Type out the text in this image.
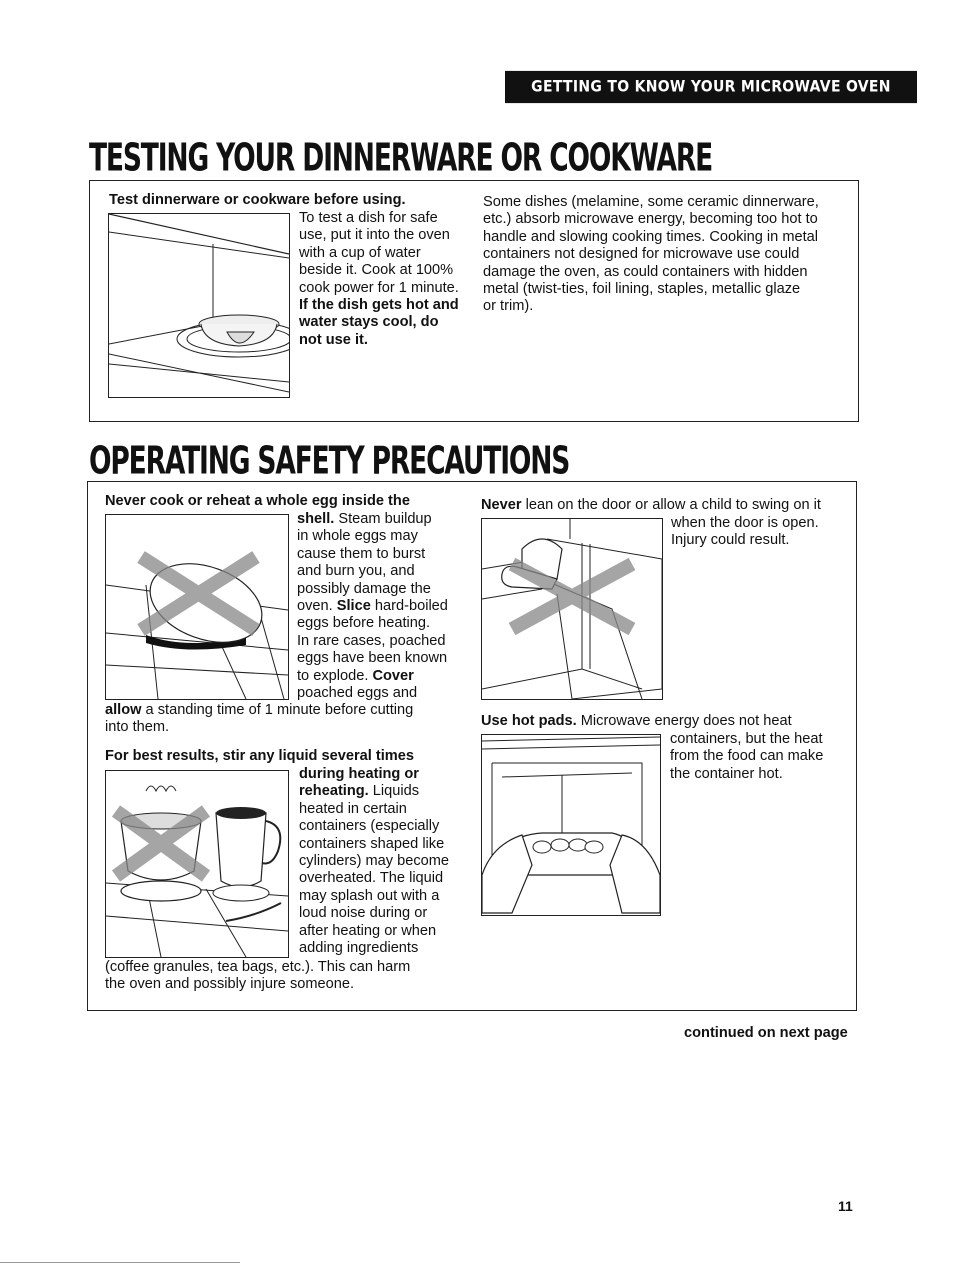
GETTING TO KNOW YOUR MICROWAVE OVEN
TESTING YOUR DINNERWARE OR COOKWARE
Test dinnerware or cookware before using.
To test a dish for safe
use, put it into the oven
with a cup of water
beside it. Cook at 100%
cook power for 1 minute.
If the dish gets hot and
water stays cool, do
not use it.
Some dishes (melamine, some ceramic dinnerware,
etc.) absorb microwave energy, becoming too hot to
handle and slowing cooking times. Cooking in metal
containers not designed for microwave use could
damage the oven, as could containers with hidden
metal (twist-ties, foil lining, staples, metallic glaze
or trim).
OPERATING SAFETY PRECAUTIONS
Never cook or reheat a whole egg inside the
shell. Steam buildup
in whole eggs may
cause them to burst
and burn you, and
possibly damage the
oven. Slice hard-boiled
eggs before heating.
In rare cases, poached
eggs have been known
to explode. Cover
poached eggs and
allow a standing time of 1 minute before cutting
into them.
For best results, stir any liquid several times
during heating or
reheating. Liquids
heated in certain
containers (especially
containers shaped like
cylinders) may become
overheated. The liquid
may splash out with a
loud noise during or
after heating or when
adding ingredients
(coffee granules, tea bags, etc.). This can harm
the oven and possibly injure someone.
Never lean on the door or allow a child to swing on it
when the door is open.
Injury could result.
Use hot pads. Microwave energy does not heat
containers, but the heat
from the food can make
the container hot.
continued on next page
11
